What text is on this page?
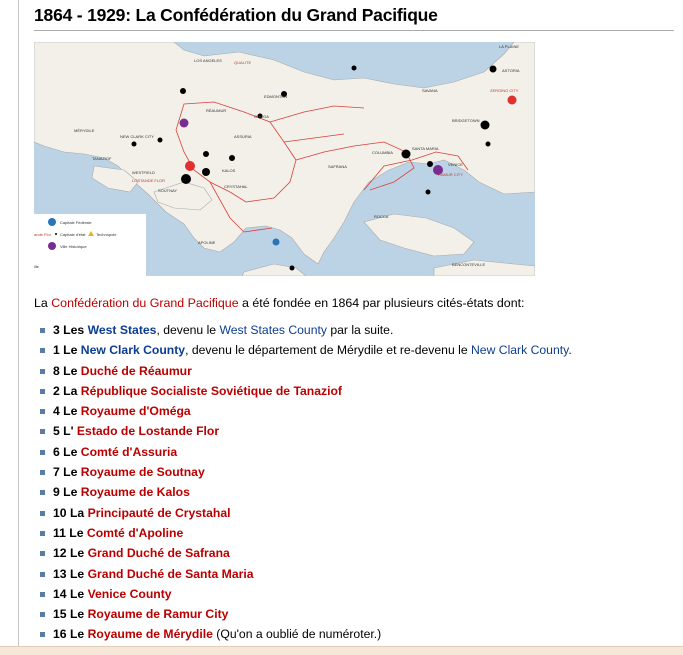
1864 - 1929: La Confédération du Grand Pacifique
LOS ANGELES	QUALITE
LA PLAINE
ASTORIA
ZEROING CITY
MÉRYDILE
NEW CLARK CITY
TANAZIOF
WESTFIELD
LOSTANDE FLOR
SOUTNAY
KALOS
CRYSTAHAL
APOLINE
SAFRANA
COLUMBIA
SANTA MARIA
VENICE
RAMUR CITY
BRIDGETOWN
ROCCA
BENCONTEVILLE
SAVANA
EDMONTON
ASSURIA
OMÉGA
RÉAUMUR
Capitale Fédérale
ande Flor Capitale d'état	Technopole
Ville Historique
ille

La Confédération du Grand Pacifique a été fondée en 1864 par plusieurs cités-états dont:

3 Les West States, devenu le West States County par la suite.
1 Le New Clark County, devenu le département de Mérydile et re-devenu le New Clark County.
8 Le Duché de Réaumur
2 La République Socialiste Soviétique de Tanaziof
4 Le Royaume d'Oméga
5 L' Estado de Lostande Flor
6 Le Comté d'Assuria
7 Le Royaume de Soutnay
9 Le Royaume de Kalos
10 La Principauté de Crystahal
11 Le Comté d'Apoline
12 Le Grand Duché de Safrana
13 Le Grand Duché de Santa Maria
14 Le Venice County
15 Le Royaume de Ramur City
16 Le Royaume de Mérydile (Qu'on a oublié de numéroter.)
